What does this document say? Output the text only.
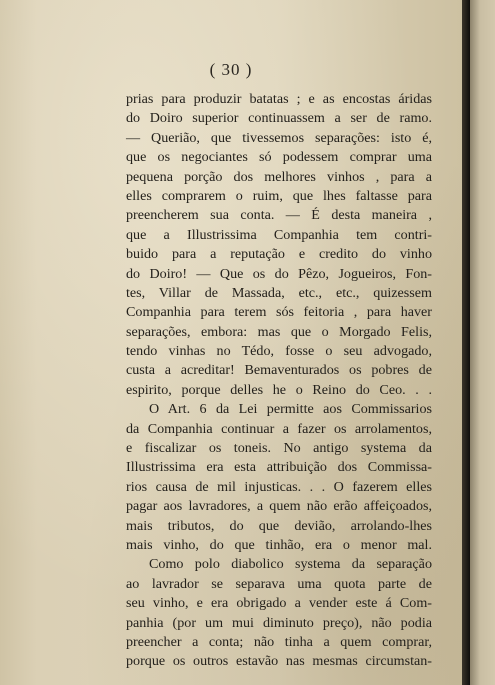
( 30 )
prias para produzir batatas ; e as encostas áridas
do Doiro superior continuassem a ser de ramo.
— Querião, que tivessemos separações: isto é,
que os negociantes só podessem comprar uma
pequena porção dos melhores vinhos , para a
elles comprarem o ruim, que lhes faltasse para
preencherem sua conta. — É desta maneira ,
que a Illustrissima Companhia tem contri-
buido para a reputação e credito do vinho
do Doiro! — Que os do Pêzo, Jogueiros, Fon-
tes, Villar de Massada, etc., etc., quizessem
Companhia para terem sós feitoria , para haver
separações, embora: mas que o Morgado Felis,
tendo vinhas no Tédo, fosse o seu advogado,
custa a acreditar! Bemaventurados os pobres de
espirito, porque delles he o Reino do Ceo. . .
O Art. 6 da Lei permitte aos Commissarios
da Companhia continuar a fazer os arrolamentos,
e fiscalizar os toneis. No antigo systema da
Illustrissima era esta attribuição dos Commissa-
rios causa de mil injusticas. . . O fazerem elles
pagar aos lavradores, a quem não erão affeiçoados,
mais tributos, do que devião, arrolando-lhes
mais vinho, do que tinhão, era o menor mal.
Como polo diabolico systema da separação
ao lavrador se separava uma quota parte de
seu vinho, e era obrigado a vender este á Com-
panhia (por um mui diminuto preço), não podia
preencher a conta; não tinha a quem comprar,
porque os outros estavão nas mesmas circumstan-
